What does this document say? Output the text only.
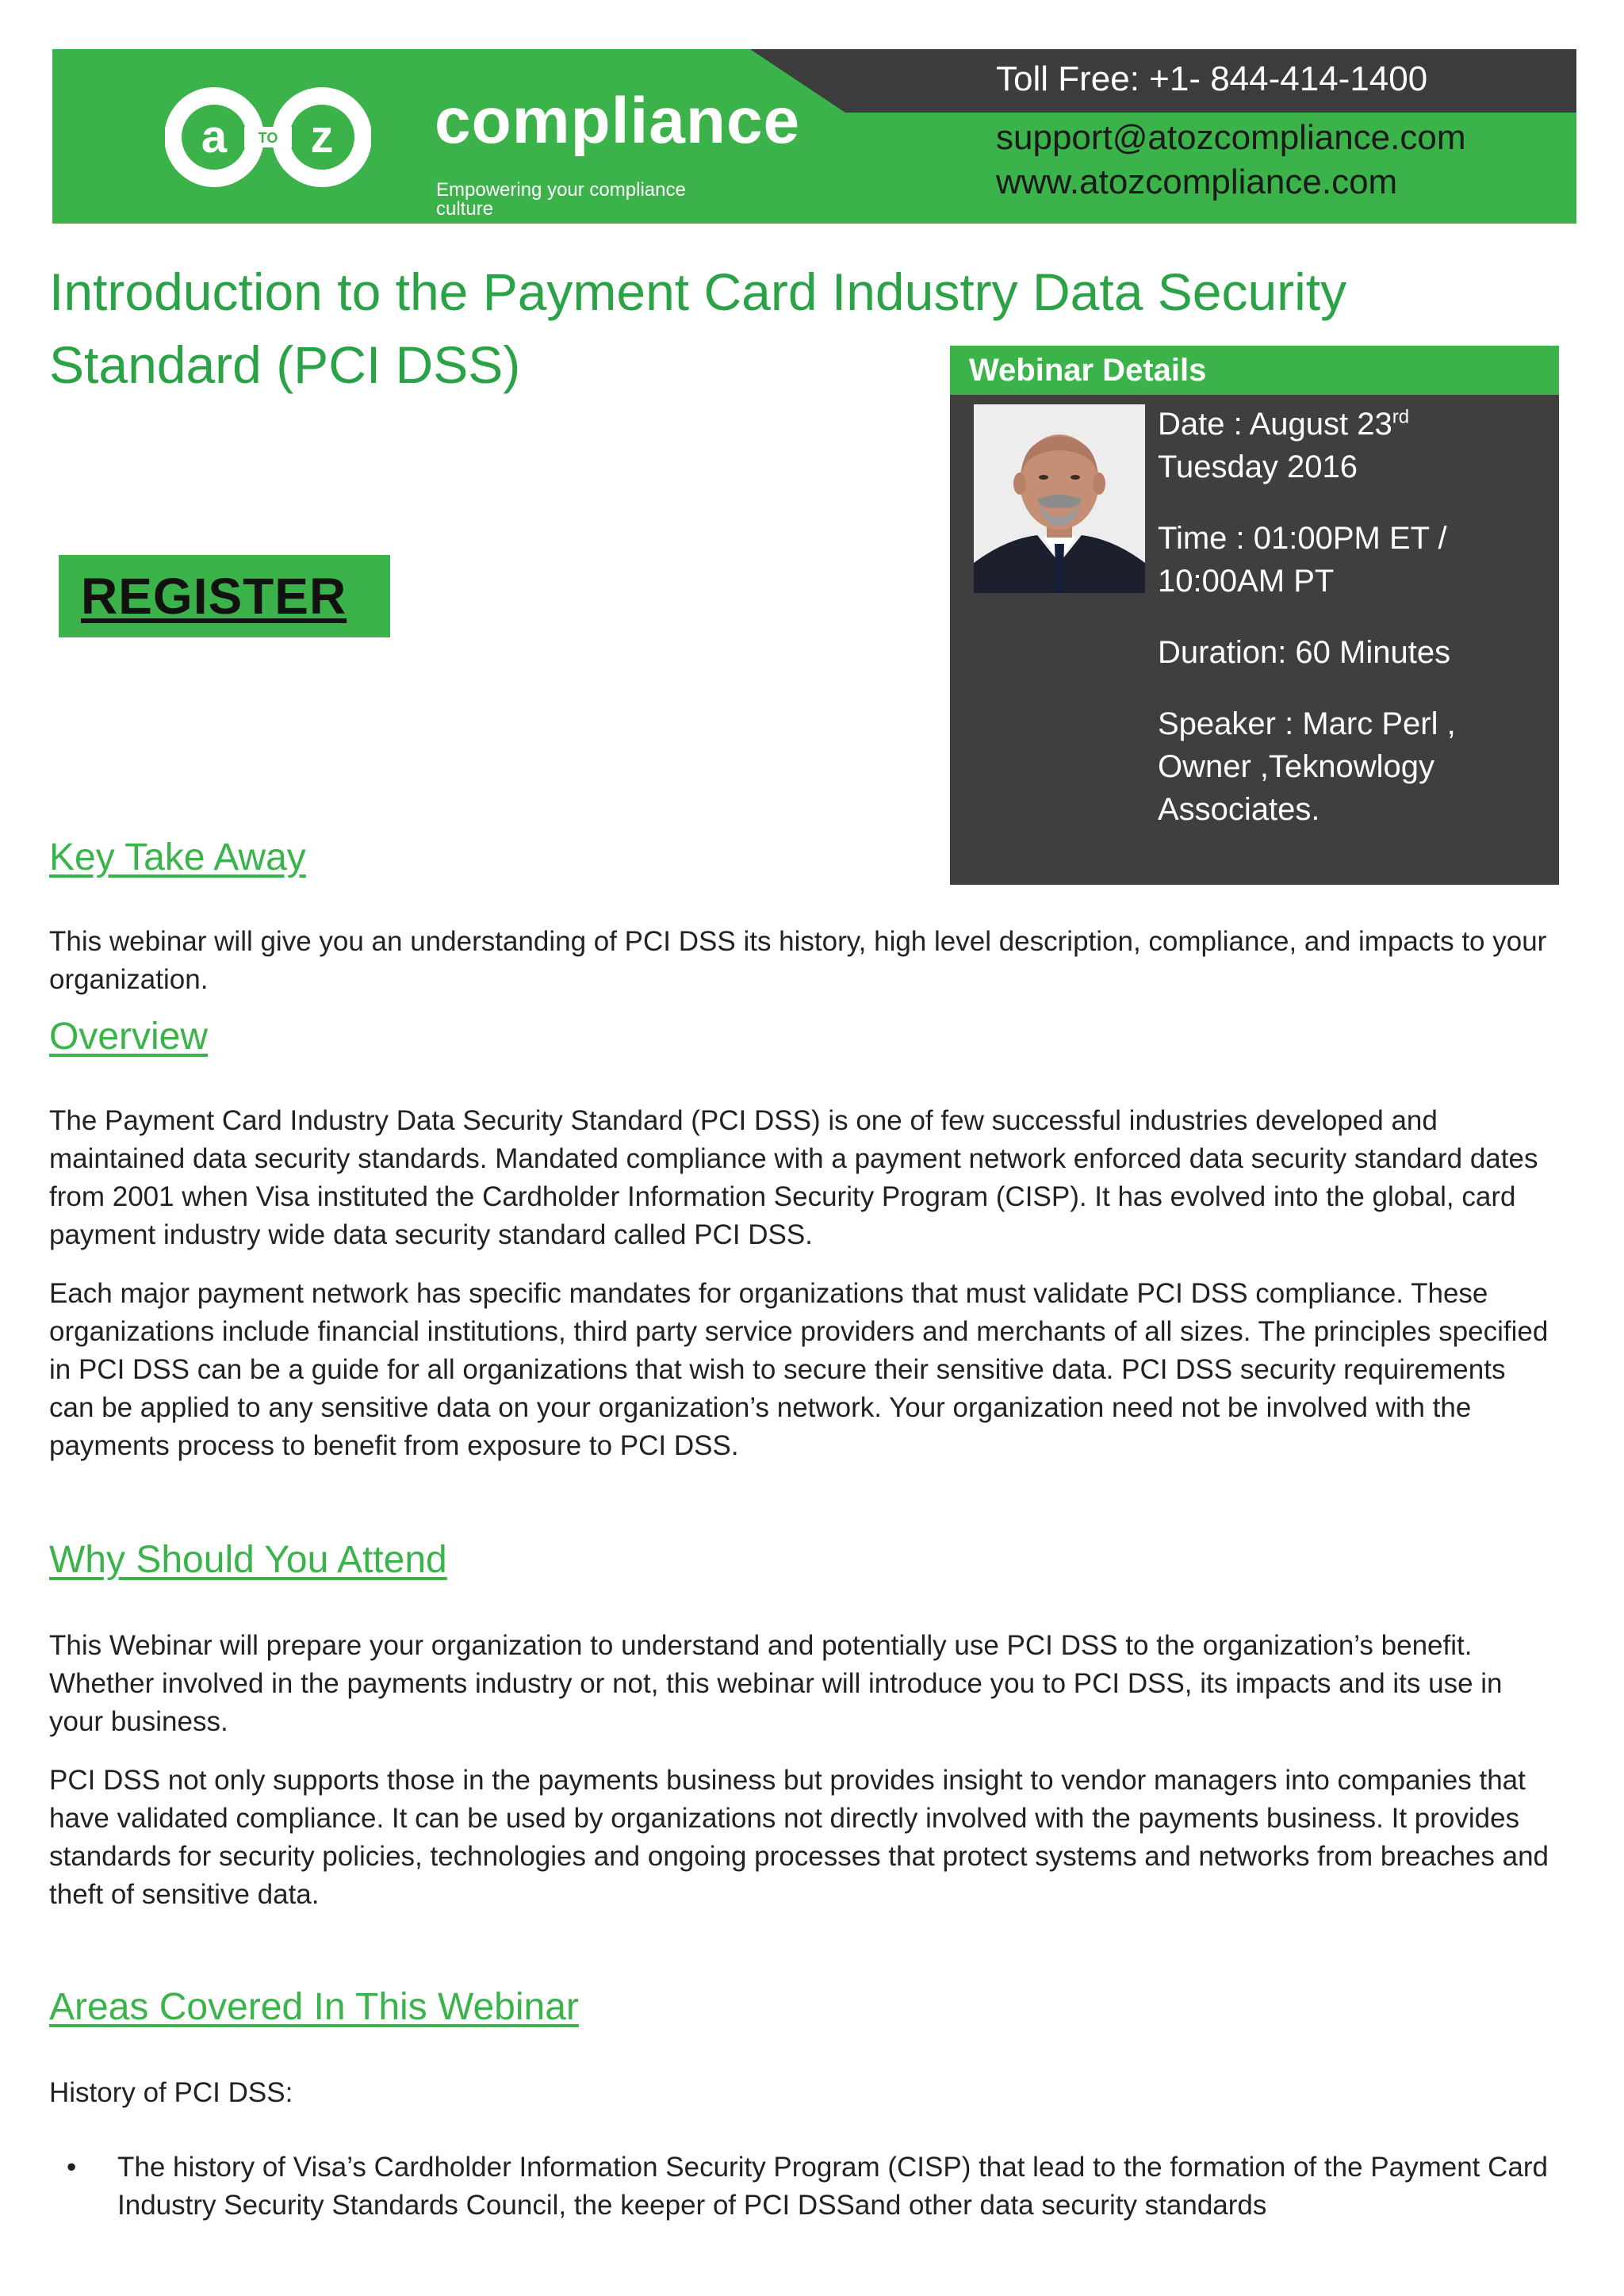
a z
TO compliance
Empowering your compliance culture
Toll Free: +1- 844-414-1400
support@atozcompliance.com
www.atozcompliance.com
Introduction to the Payment Card Industry Data Security Standard (PCI DSS)
REGISTER
Webinar Details

Date : August 23rd
Tuesday 2016

Time : 01:00PM ET / 10:00AM PT

Duration: 60 Minutes

Speaker : Marc Perl , Owner ,Teknowlogy Associates.

Key Take Away

This webinar will give you an understanding of PCI DSS its history, high level description, compliance, and impacts to your organization.

Overview

The Payment Card Industry Data Security Standard (PCI DSS) is one of few successful industries developed and maintained data security standards. Mandated compliance with a payment network enforced data security standard dates from 2001 when Visa instituted the Cardholder Information Security Program (CISP). It has evolved into the global, card payment industry wide data security standard called PCI DSS.

Each major payment network has specific mandates for organizations that must validate PCI DSS compliance. These organizations include financial institutions, third party service providers and merchants of all sizes. The principles specified in PCI DSS can be a guide for all organizations that wish to secure their sensitive data. PCI DSS security requirements can be applied to any sensitive data on your organization’s network. Your organization need not be involved with the payments process to benefit from exposure to PCI DSS.

Why Should You Attend

This Webinar will prepare your organization to understand and potentially use PCI DSS to the organization’s benefit. Whether involved in the payments industry or not, this webinar will introduce you to PCI DSS, its impacts and its use in your business.

PCI DSS not only supports those in the payments business but provides insight to vendor managers into companies that have validated compliance. It can be used by organizations not directly involved with the payments business. It provides standards for security policies, technologies and ongoing processes that protect systems and networks from breaches and theft of sensitive data.

Areas Covered In This Webinar

History of PCI DSS:

• The history of Visa’s Cardholder Information Security Program (CISP) that lead to the formation of the Payment Card Industry Security Standards Council, the keeper of PCI DSSand other data security standards
